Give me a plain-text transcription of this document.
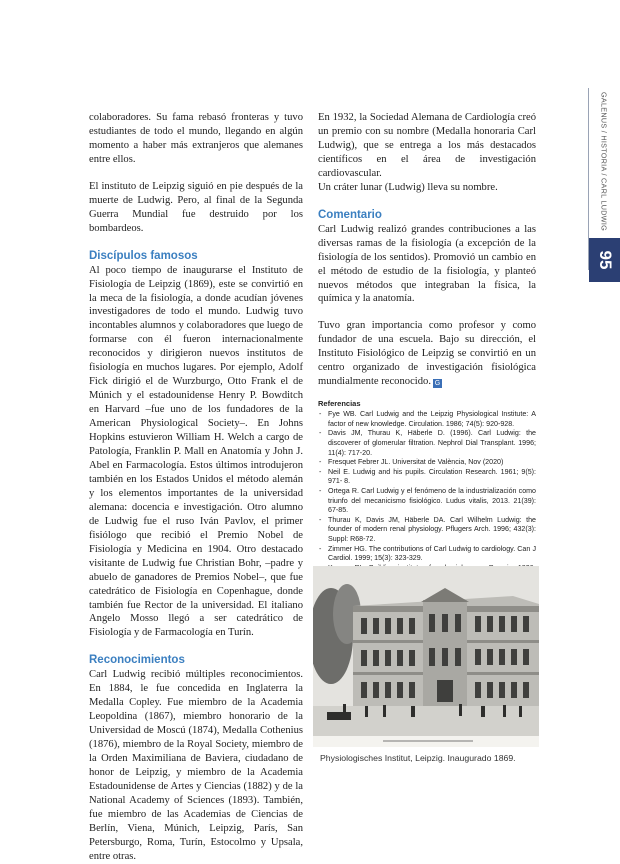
GALENUS / HISTORIA / CARL LUDWIG
95

colaboradores. Su fama rebasó fronteras y tuvo estudiantes de todo el mundo, llegando en algún momento a haber más extranjeros que alemanes entre ellos.

El instituto de Leipzig siguió en pie después de la muerte de Ludwig. Pero, al final de la Segunda Guerra Mundial fue destruido por los bombardeos.

Discípulos famosos

Al poco tiempo de inaugurarse el Instituto de Fisiología de Leipzig (1869), este se convirtió en la meca de la fisiología, a donde acudían jóvenes investigadores de todo el mundo. Ludwig tuvo incontables alumnos y colaboradores que luego de formarse con él fueron internacionalmente reconocidos y dirigieron nuevos institutos de fisiología en muchos lugares. Por ejemplo, Adolf Fick dirigió el de Wurzburgo, Otto Frank el de Múnich y el estadounidense Henry P. Bowditch en Harvard –fue uno de los fundadores de la American Physiological Society–. En Johns Hopkins estuvieron William H. Welch a cargo de Patología, Franklin P. Mall en Anatomía y John J. Abel en Farmacología. Estos últimos introdujeron también en los Estados Unidos el método alemán y los elementos importantes de la universidad alemana: docencia e investigación. Otro alumno de Ludwig fue el ruso Iván Pavlov, el primer fisiólogo que recibió el Premio Nobel de Fisiología y Medicina en 1904. Otro destacado visitante de Ludwig fue Christian Bohr, –padre y abuelo de ganadores de Premios Nobel–, que fue catedrático de Fisiología en Copenhague, donde también fue Rector de la universidad. El italiano Angelo Mosso llegó a ser catedrático de Fisiología y de Farmacología en Turín.

Reconocimientos

Carl Ludwig recibió múltiples reconocimientos. En 1884, le fue concedida en Inglaterra la Medalla Copley. Fue miembro de la Academia Leopoldina (1867), miembro honorario de la Universidad de Moscú (1874), Medalla Cothenius (1876), miembro de la Royal Society, miembro de la Orden Maximiliana de Baviera, ciudadano de honor de Leipzig, y miembro de la Academia Estadounidense de Artes y Ciencias (1882) y de la National Academy of Sciences (1893). También, fue miembro de las Academias de Ciencias de Berlín, Viena, Múnich, Leipzig, París, San Petersburgo, Roma, Turín, Estocolmo y Upsala, entre otras.

En 1932, la Sociedad Alemana de Cardiología creó un premio con su nombre (Medalla honoraria Carl Ludwig), que se entrega a los más destacados científicos en el área de investigación cardiovascular.

Un cráter lunar (Ludwig) lleva su nombre.

Comentario

Carl Ludwig realizó grandes contribuciones a las diversas ramas de la fisiología (a excepción de la fisiología de los sentidos). Promovió un cambio en el método de estudio de la fisiología, y planteó nuevos métodos que integraban la física, la química y la anatomía.

Tuvo gran importancia como profesor y como fundador de una escuela. Bajo su dirección, el Instituto Fisiológico de Leipzig se convirtió en un centro organizado de investigación fisiológica mundialmente reconocido. G

Referencias
- Fye WB. Carl Ludwig and the Leipzig Physiological Institute: A factor of new knowledge. Circulation. 1986; 74(5): 920-928.
- Davis JM, Thurau K, Häberle D. (1996). Carl Ludwig: the discoverer of glomerular filtration. Nephrol Dial Transplant. 1996; 11(4): 717-20.
- Fresquet Febrer JL. Universitat de València, Nov (2020)
- Neil E. Ludwig and his pupils. Circulation Research. 1961; 9(5): 971- 8.
- Ortega R. Carl Ludwig y el fenómeno de la industrialización como triunfo del mecanicismo fisiológico. Ludus vitalis, 2013. 21(39): 67-85.
- Thurau K, Davis JM, Häberle DA. Carl Wilhelm Ludwig: the founder of modern renal physiology. Pflugers Arch. 1996; 432(3): Suppl: R68-72.
- Zimmer HG. The contributions of Carl Ludwig to cardiology. Can J Cardiol. 1999; 15(3): 323-329.
-
-
-
Physiologisches Institut, Leipzig. Inaugurado 1869.
